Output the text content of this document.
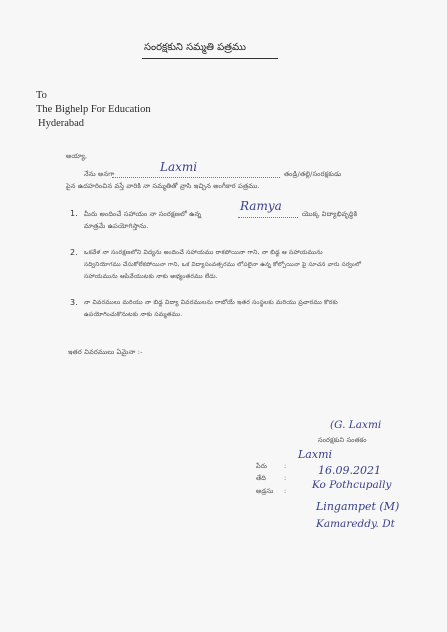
సంరక్షకుని సమ్మతి పత్రము
To
The Bighelp For Education
Hyderabad
అయ్యా,
నేను అనగా	Laxmi	తండ్రి/తల్లి/సంరక్షకుడు
పైన ఉదహరించిన వస్తే వారికి నా సమ్మతితో వ్రాసి ఇచ్చిన అంగీకార పత్రము.
1. మీరు అందించే సహాయం నా సంరక్షణలో ఉన్న
Ramya
యొక్క విద్యాభివృద్ధికి
మాత్రమే ఉపయోగిస్తాను.
2. ఒకవేళ నా సంరక్షణలోని విద్యను అందించే సహాయము రాకపోయినా గాని, నా బిడ్డ ఆ సహాయమును
సద్వినియోగము చేసుకోలేకపోయినా గాని, ఒక విద్యాసంవత్సరము లోపలైనా ఉన్న కోల్పోయినా పై సూచన వారు సర్వంలో
సహాయమును ఆపివేయుటకు నాకు అభ్యంతరము లేదు.
3. నా వివరములు మరియు నా బిడ్డ విద్యా వివరములను రాబోయే ఇతర సంస్థలకు మరియు ప్రచారము కొరకు
ఉపయోగించుకొనుటకు నాకు సమ్మతము.
ఇతర వివరములు ఏమైనా :-
(G. Laxmi
సంరక్షకుని సంతకం
పేరు	:
Laxmi
తేది	:
16.09.2021
అడ్రసు : Ko Pothcupally
Lingampet (M)
Kamareddy. Dt
